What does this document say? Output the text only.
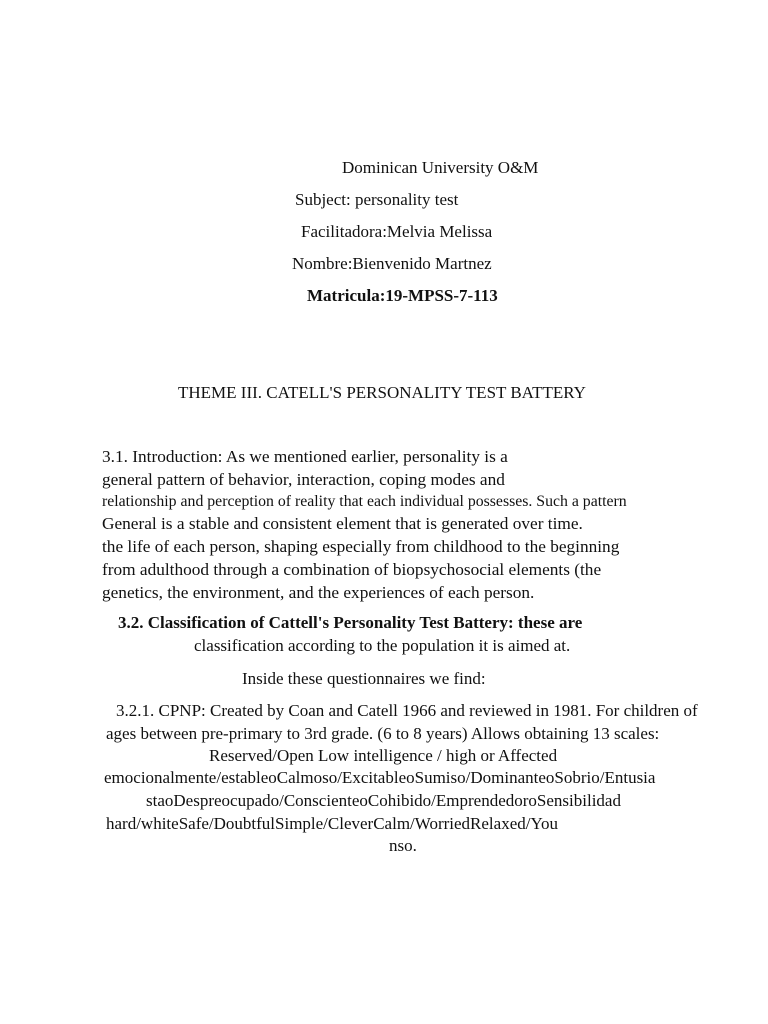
Dominican University O&M
Subject: personality test
Facilitadora:Melvia Melissa
Nombre:Bienvenido Martnez
Matricula:19-MPSS-7-113
THEME III. CATELL'S PERSONALITY TEST BATTERY
3.1. Introduction: As we mentioned earlier, personality is a
general pattern of behavior, interaction, coping modes and
relationship and perception of reality that each individual possesses. Such a pattern
General is a stable and consistent element that is generated over time.
the life of each person, shaping especially from childhood to the beginning
from adulthood through a combination of biopsychosocial elements (the
genetics, the environment, and the experiences of each person.
3.2. Classification of Cattell's Personality Test Battery: these are
classification according to the population it is aimed at.
Inside these questionnaires we find:
3.2.1. CPNP: Created by Coan and Catell 1966 and reviewed in 1981. For children of
ages between pre-primary to 3rd grade. (6 to 8 years) Allows obtaining 13 scales:
Reserved/Open Low intelligence / high or Affected
emocionalmente/estableoCalmoso/ExcitableoSumiso/DominanteoSobrio/Entusia
staoDespreocupado/ConscienteoCohibido/EmprendedoroSensibilidad
hard/whiteSafe/DoubtfulSimple/CleverCalm/WorriedRelaxed/You
nso.
